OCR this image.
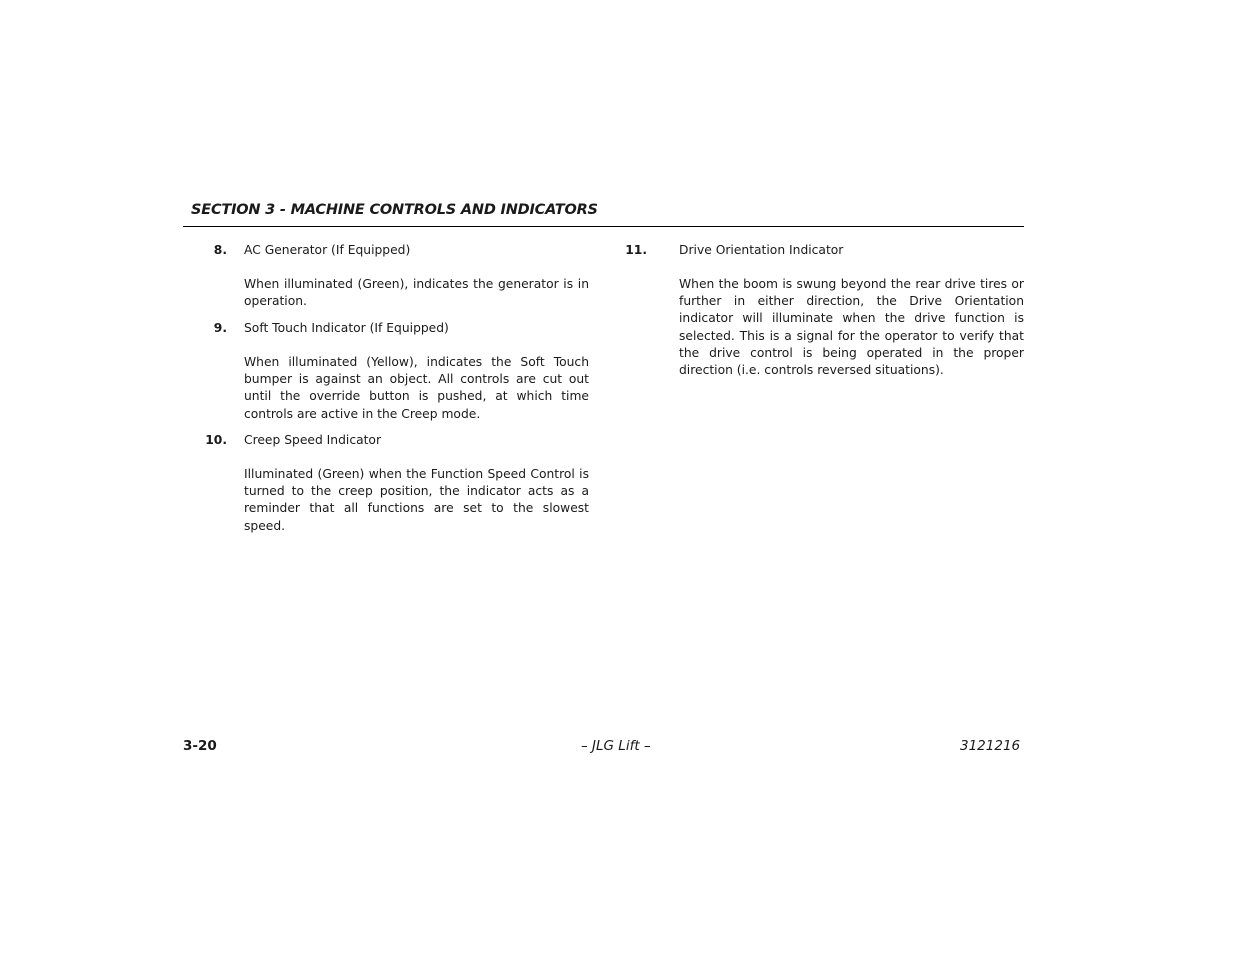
SECTION 3 - MACHINE CONTROLS AND INDICATORS
8. AC Generator (If Equipped)
When illuminated (Green), indicates the generator is in operation.
9. Soft Touch Indicator (If Equipped)
When illuminated (Yellow), indicates the Soft Touch bumper is against an object. All controls are cut out until the override button is pushed, at which time controls are active in the Creep mode.
10. Creep Speed Indicator
Illuminated (Green) when the Function Speed Control is turned to the creep position, the indicator acts as a reminder that all functions are set to the slowest speed.
11.	Drive Orientation Indicator
When the boom is swung beyond the rear drive tires or further in either direction, the Drive Orientation indicator will illuminate when the drive function is selected. This is a signal for the operator to verify that the drive control is being operated in the proper direction (i.e. controls reversed situations).
3-20	– JLG Lift –	3121216
